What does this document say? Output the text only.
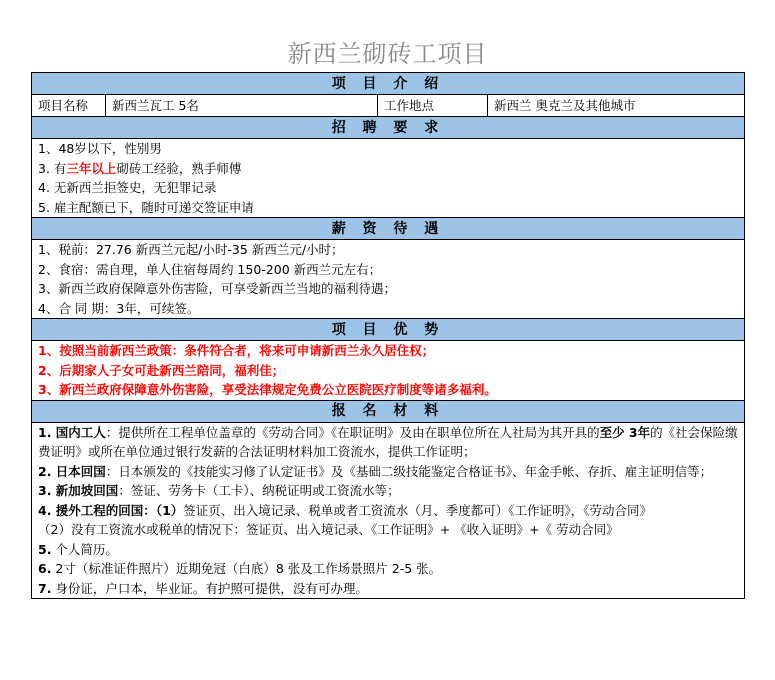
新西兰砌砖工项目
项 目 介 绍
项目名称	新西兰瓦工 5名	工作地点	新西兰 奥克兰及其他城市
招 聘 要 求

1、48岁以下，性别男
3. 有三年以上砌砖工经验，熟手师傅
4. 无新西兰拒签史，无犯罪记录
5. 雇主配额已下，随时可递交签证申请

薪 资 待 遇

1、税前：27.76 新西兰元起/小时-35 新西兰元/小时；
2、食宿：需自理，单人住宿每周约 150-200 新西兰元左右；
3、新西兰政府保障意外伤害险，可享受新西兰当地的福利待遇；
4、合 同 期：3年，可续签。

项 目 优 势

1、按照当前新西兰政策：条件符合者，将来可申请新西兰永久居住权；
2、后期家人子女可赴新西兰陪同，福利佳；
3、新西兰政府保障意外伤害险，享受法律规定免费公立医院医疗制度等诸多福利。

报 名 材 料

1. 国内工人：提供所在工程单位盖章的《劳动合同》《在职证明》及由在职单位所在人社局为其开具的至少 3年的《社会保险缴费证明》或所在单位通过银行发薪的合法证明材料加工资流水，提供工作证明；
2. 日本回国：日本颁发的《技能实习修了认定证书》及《基础二级技能鉴定合格证书》、年金手帐、存折、雇主证明信等；
3. 新加坡回国：签证、劳务卡（工卡）、纳税证明或工资流水等；
4. 援外工程的回国：（1）签证页、出入境记录、税单或者工资流水（月、季度都可）《工作证明》，《劳动合同》
（2）没有工资流水或税单的情况下：签证页、出入境记录、《工作证明》+ 《收入证明》+《 劳动合同》
5. 个人简历。
6. 2寸（标准证件照片）近期免冠（白底）8 张及工作场景照片 2-5 张。
7. 身份证，户口本，毕业证。有护照可提供，没有可办理。
